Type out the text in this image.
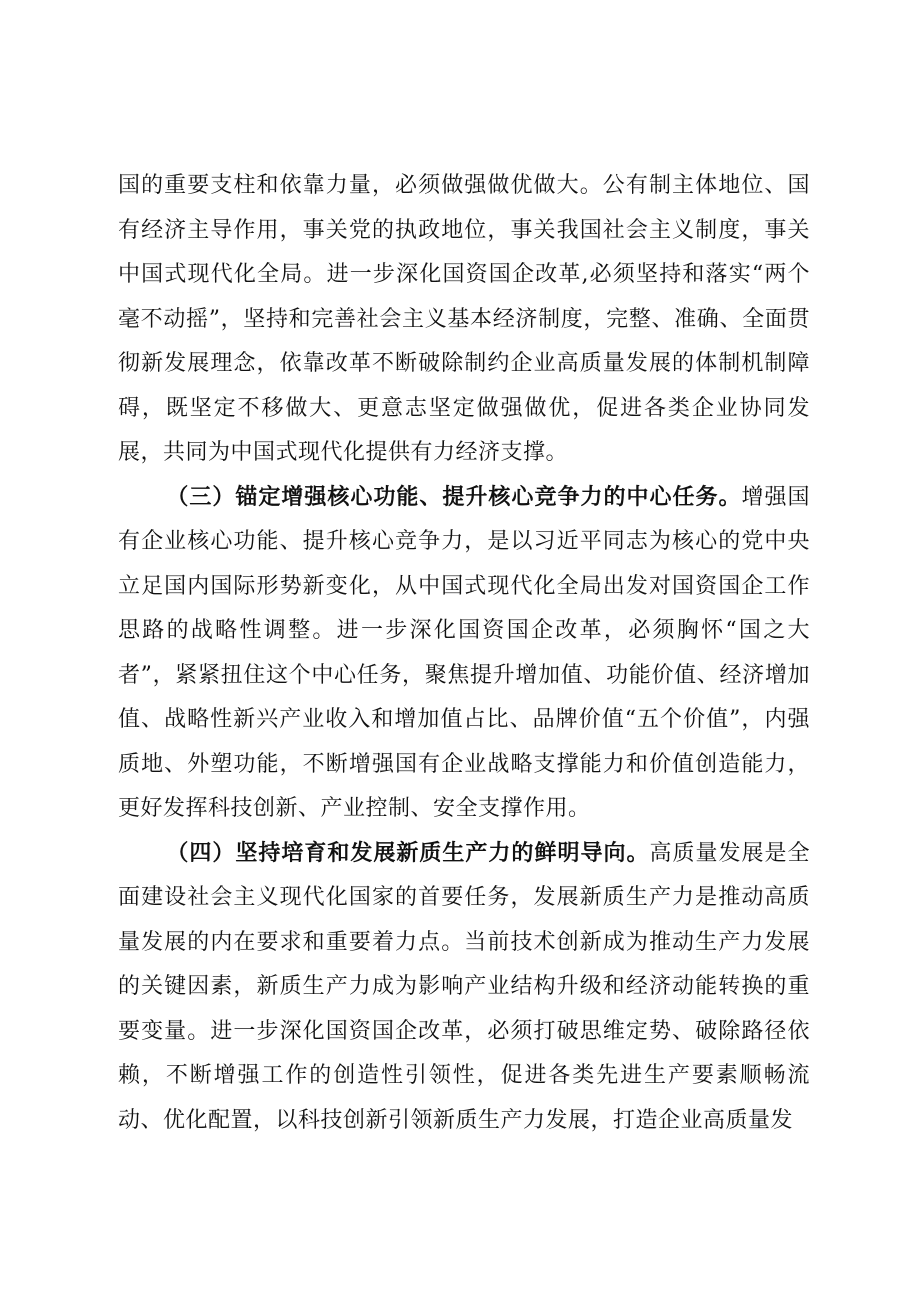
国的重要支柱和依靠力量，必须做强做优做大。公有制主体地位、国有经济主导作用，事关党的执政地位，事关我国社会主义制度，事关中国式现代化全局。进一步深化国资国企改革,必须坚持和落实“两个毫不动摇”，坚持和完善社会主义基本经济制度，完整、准确、全面贯彻新发展理念，依靠改革不断破除制约企业高质量发展的体制机制障碍，既坚定不移做大、更意志坚定做强做优，促进各类企业协同发展，共同为中国式现代化提供有力经济支撑。

（三）锚定增强核心功能、提升核心竞争力的中心任务。增强国有企业核心功能、提升核心竞争力，是以习近平同志为核心的党中央立足国内国际形势新变化，从中国式现代化全局出发对国资国企工作思路的战略性调整。进一步深化国资国企改革，必须胸怀“国之大者”，紧紧扭住这个中心任务，聚焦提升增加值、功能价值、经济增加值、战略性新兴产业收入和增加值占比、品牌价值“五个价值”，内强质地、外塑功能，不断增强国有企业战略支撑能力和价值创造能力，更好发挥科技创新、产业控制、安全支撑作用。

（四）坚持培育和发展新质生产力的鲜明导向。高质量发展是全面建设社会主义现代化国家的首要任务，发展新质生产力是推动高质量发展的内在要求和重要着力点。当前技术创新成为推动生产力发展的关键因素，新质生产力成为影响产业结构升级和经济动能转换的重要变量。进一步深化国资国企改革，必须打破思维定势、破除路径依赖，不断增强工作的创造性引领性，促进各类先进生产要素顺畅流动、优化配置，以科技创新引领新质生产力发展，打造企业高质量发
